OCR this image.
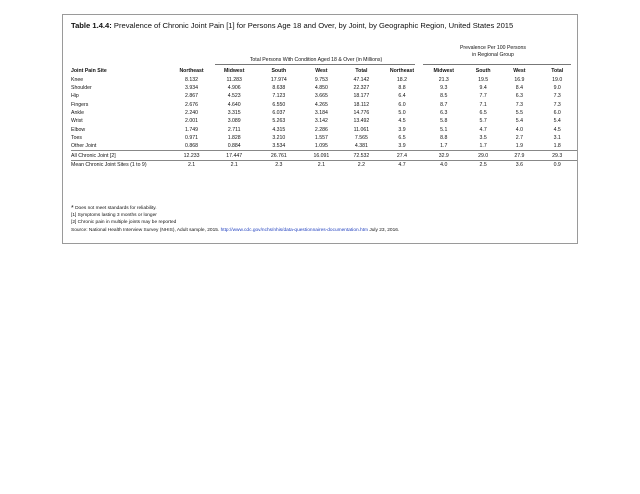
Table 1.4.4: Prevalence of Chronic Joint Pain [1] for Persons Age 18 and Over, by Joint, by Geographic Region, United States 2015
Total Persons With Condition Aged 18 & Over (in Millions)
Prevalence Per 100 Persons
in Regional Group
Joint Pain Site	Northeast	Midwest	South	West	Total	Northeast	Midwest	South	West	Total
Knee	8.132	11.283	17.974	9.753	47.142	18.2	21.3	19.5	16.9	19.0
Shoulder	3.934	4.906	8.638	4.850	22.327	8.8	9.3	9.4	8.4	9.0
Hip	2.867	4.523	7.123	3.665	18.177	6.4	8.5	7.7	6.3	7.3
Fingers	2.676	4.640	6.550	4.265	18.112	6.0	8.7	7.1	7.3	7.3
Ankle	2.240	3.315	6.037	3.184	14.776	5.0	6.3	6.5	5.5	6.0
Wrist	2.001	3.089	5.263	3.142	13.492	4.5	5.8	5.7	5.4	5.4
Elbow	1.749	2.711	4.315	2.286	11.061	3.9	5.1	4.7	4.0	4.5
Toes	0.971	1.828	3.210	1.557	7.565	6.5	8.8	3.5	2.7	3.1
Other Joint	0.868	0.884	3.534	1.095	4.381	3.9	1.7	1.7	1.9	1.8
All Chronic Joint [2]	12.233	17.447	26.761	16.091	72.532	27.4	32.9	29.0	27.9	29.3
Mean Chronic Joint Sites (1 to 9)	2.1	2.1	2.3	2.1	2.2	4.7	4.0	2.5	3.6	0.9
* Does not meet standards for reliability.
[1] Symptoms lasting 3 months or longer
[2] Chronic pain in multiple joints may be reported
Source: National Health Interview Survey (NHIS), Adult sample, 2015. http://www.cdc.gov/nchs/nhis/data-questionnaires-documentation.htm July 23, 2016.
